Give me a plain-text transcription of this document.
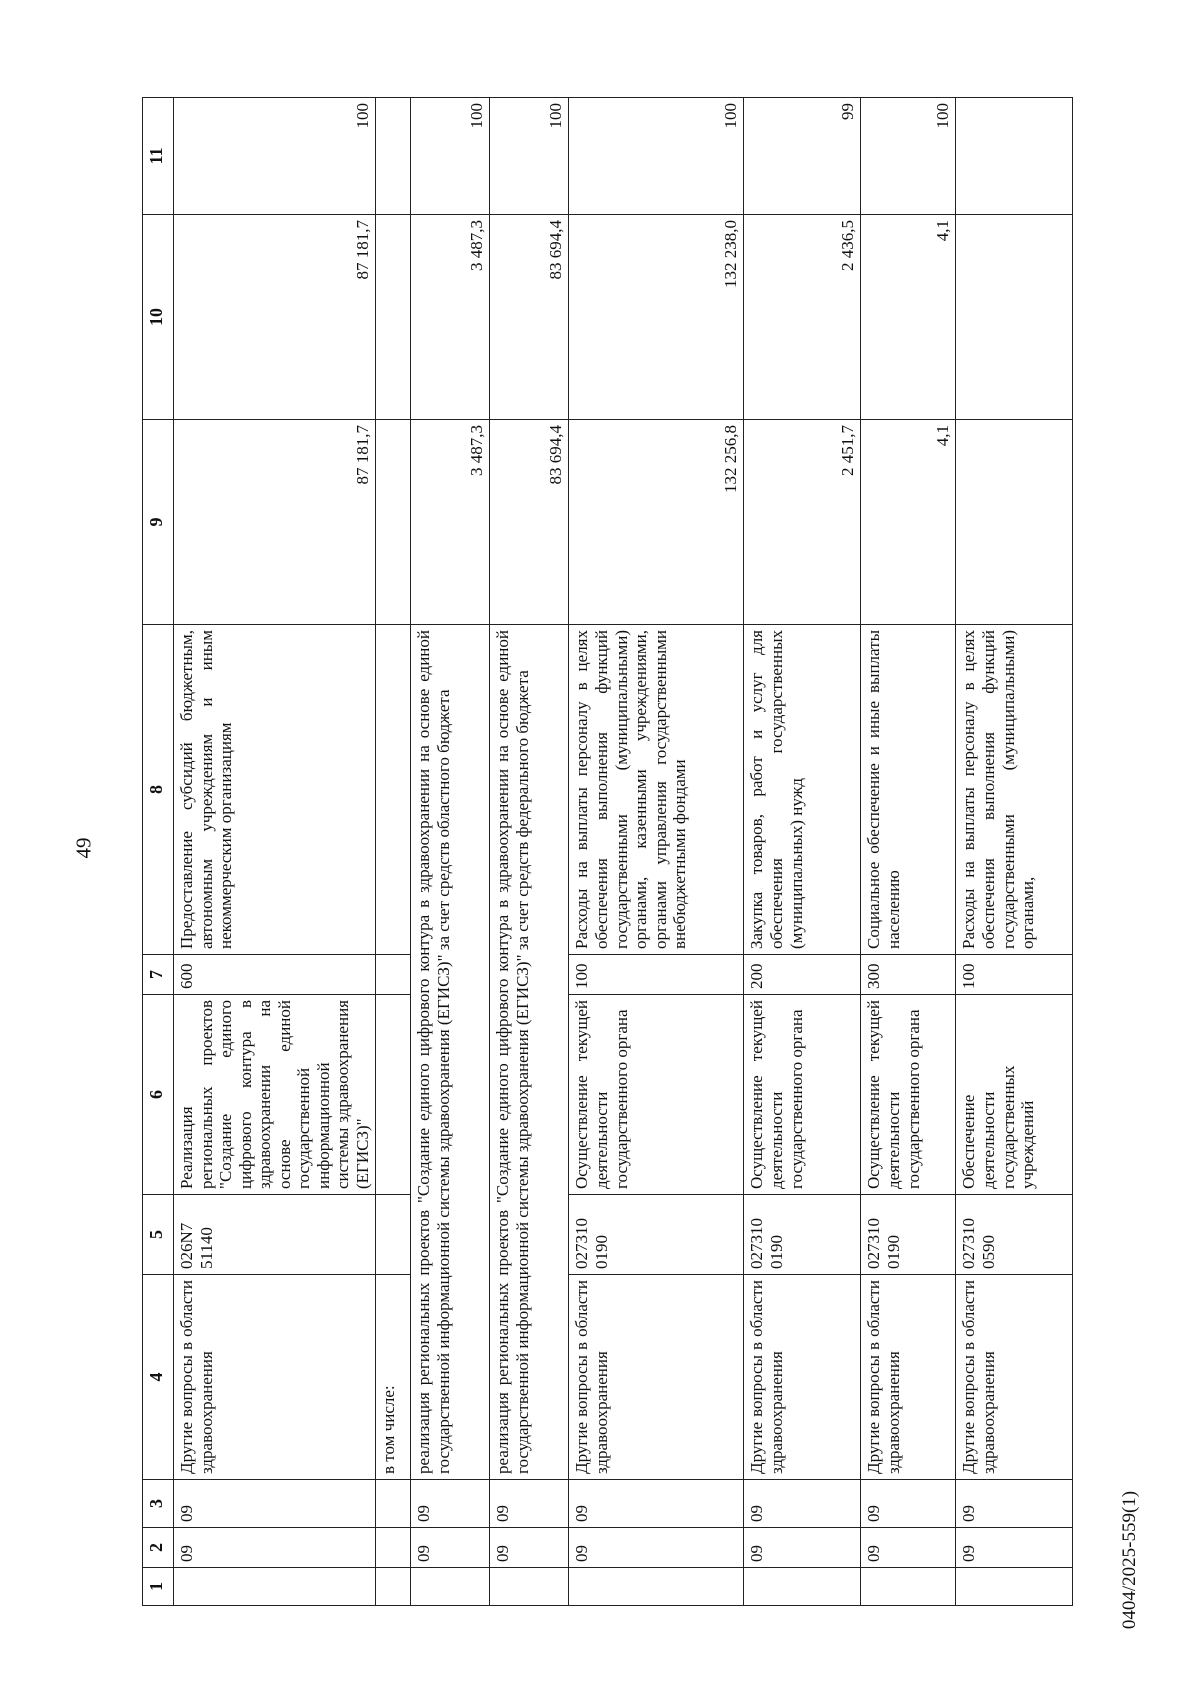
49
0404/2025-559(1)
1	2	3	4	5	6	7	8	9	10	11
	09	09	Другие вопросы в области здравоохранения	026N7 51140	Реализация региональных проектов "Создание единого цифрового контура в здравоохранении на основе единой государственной информационной системы здравоохранения (ЕГИСЗ)"	600	Предоставление субсидий бюджетным, автономным учреждениям и иным некоммерческим организациям	87 181,7	87 181,7	100
			в том числе:							
	09	09	реализация региональных проектов "Создание единого цифрового контура в здравоохранении на основе единой государственной информационной системы здравоохранения (ЕГИСЗ)" за счет средств областного бюджета					3 487,3	3 487,3	100
	09	09	реализация региональных проектов "Создание единого цифрового контура в здравоохранении на основе единой государственной информационной системы здравоохранения (ЕГИСЗ)" за счет средств федерального бюджета					83 694,4	83 694,4	100
	09	09	Другие вопросы в области здравоохранения	027310 0190	Осуществление текущей деятельности государственного органа	100	Расходы на выплаты персоналу в целях обеспечения выполнения функций государственными (муниципальными) органами, казенными учреждениями, органами управления государственными внебюджетными фондами	132 256,8	132 238,0	100
	09	09	Другие вопросы в области здравоохранения	027310 0190	Осуществление текущей деятельности государственного органа	200	Закупка товаров, работ и услуг для обеспечения государственных (муниципальных) нужд	2 451,7	2 436,5	99
	09	09	Другие вопросы в области здравоохранения	027310 0190	Осуществление текущей деятельности государственного органа	300	Социальное обеспечение и иные выплаты населению	4,1	4,1	100
	09	09	Другие вопросы в области здравоохранения	027310 0590	Обеспечение деятельности государственных учреждений	100	Расходы на выплаты персоналу в целях обеспечения выполнения функций государственными (муниципальными) органами,			
